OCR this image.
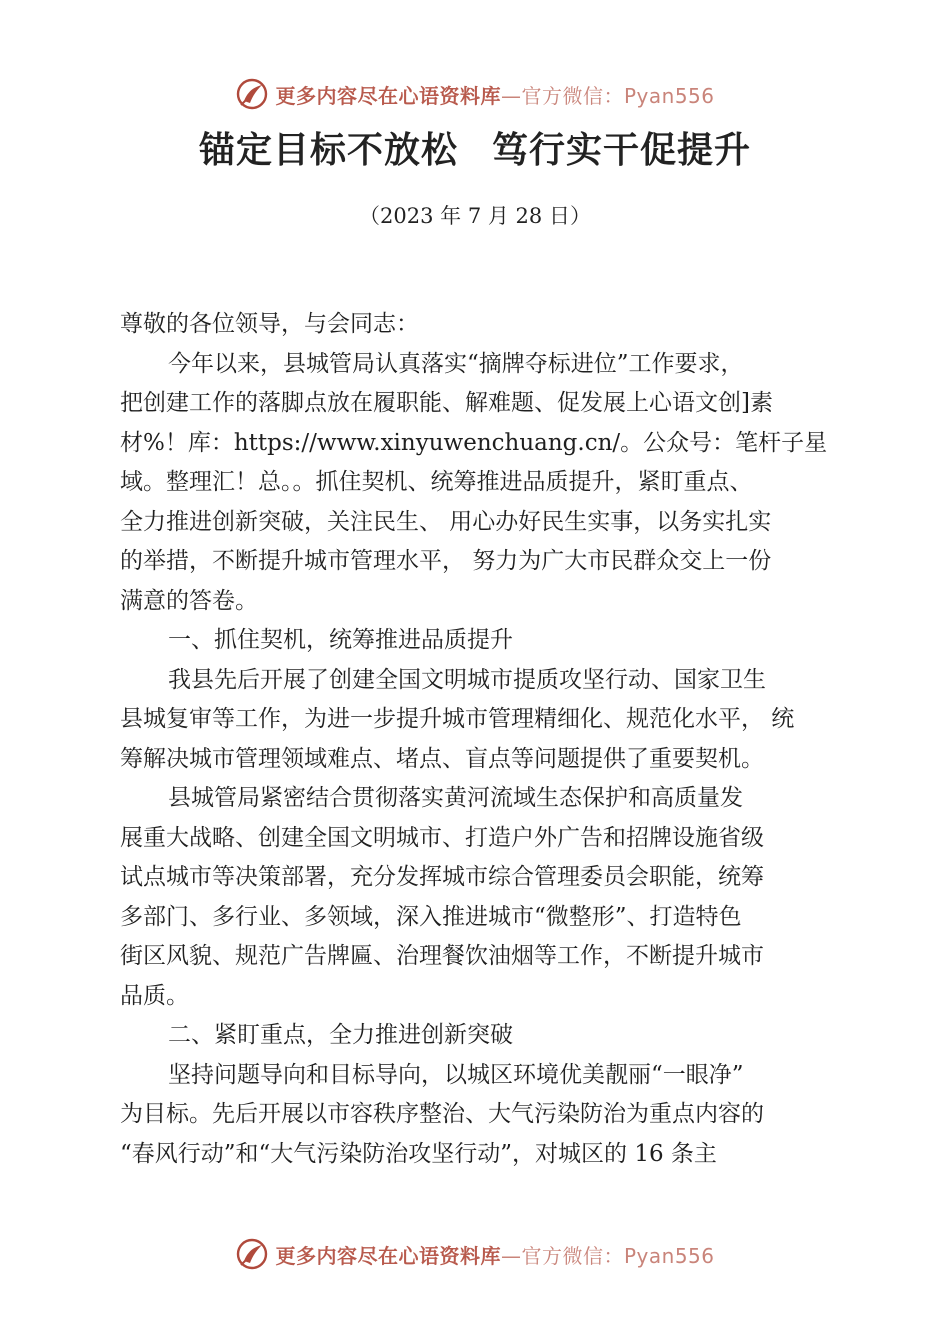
更多内容尽在心语资料库—官方微信：Pyan556
锚定目标不放松 笃行实干促提升
（2023 年 7 月 28 日）

尊敬的各位领导，与会同志：

今年以来，县城管局认真落实“摘牌夺标进位”工作要求，
把创建工作的落脚点放在履职能、解难题、促发展上心语文创]素
材%！库：https://www.xinyuwenchuang.cn/。公众号：笔杆子星
域。整理汇！总。。抓住契机、统筹推进品质提升，紧盯重点、
全力推进创新突破，关注民生、 用心办好民生实事，以务实扎实
的举措，不断提升城市管理水平， 努力为广大市民群众交上一份
满意的答卷。

一、抓住契机，统筹推进品质提升

我县先后开展了创建全国文明城市提质攻坚行动、国家卫生
县城复审等工作，为进一步提升城市管理精细化、规范化水平， 统
筹解决城市管理领域难点、堵点、盲点等问题提供了重要契机。

县城管局紧密结合贯彻落实黄河流域生态保护和高质量发
展重大战略、创建全国文明城市、打造户外广告和招牌设施省级
试点城市等决策部署，充分发挥城市综合管理委员会职能，统筹
多部门、多行业、多领域，深入推进城市“微整形”、打造特色
街区风貌、规范广告牌匾、治理餐饮油烟等工作，不断提升城市
品质。

二、紧盯重点，全力推进创新突破

坚持问题导向和目标导向，以城区环境优美靓丽“一眼净”
为目标。先后开展以市容秩序整治、大气污染防治为重点内容的
“春风行动”和“大气污染防治攻坚行动”，对城区的 16 条主

更多内容尽在心语资料库—官方微信：Pyan556
